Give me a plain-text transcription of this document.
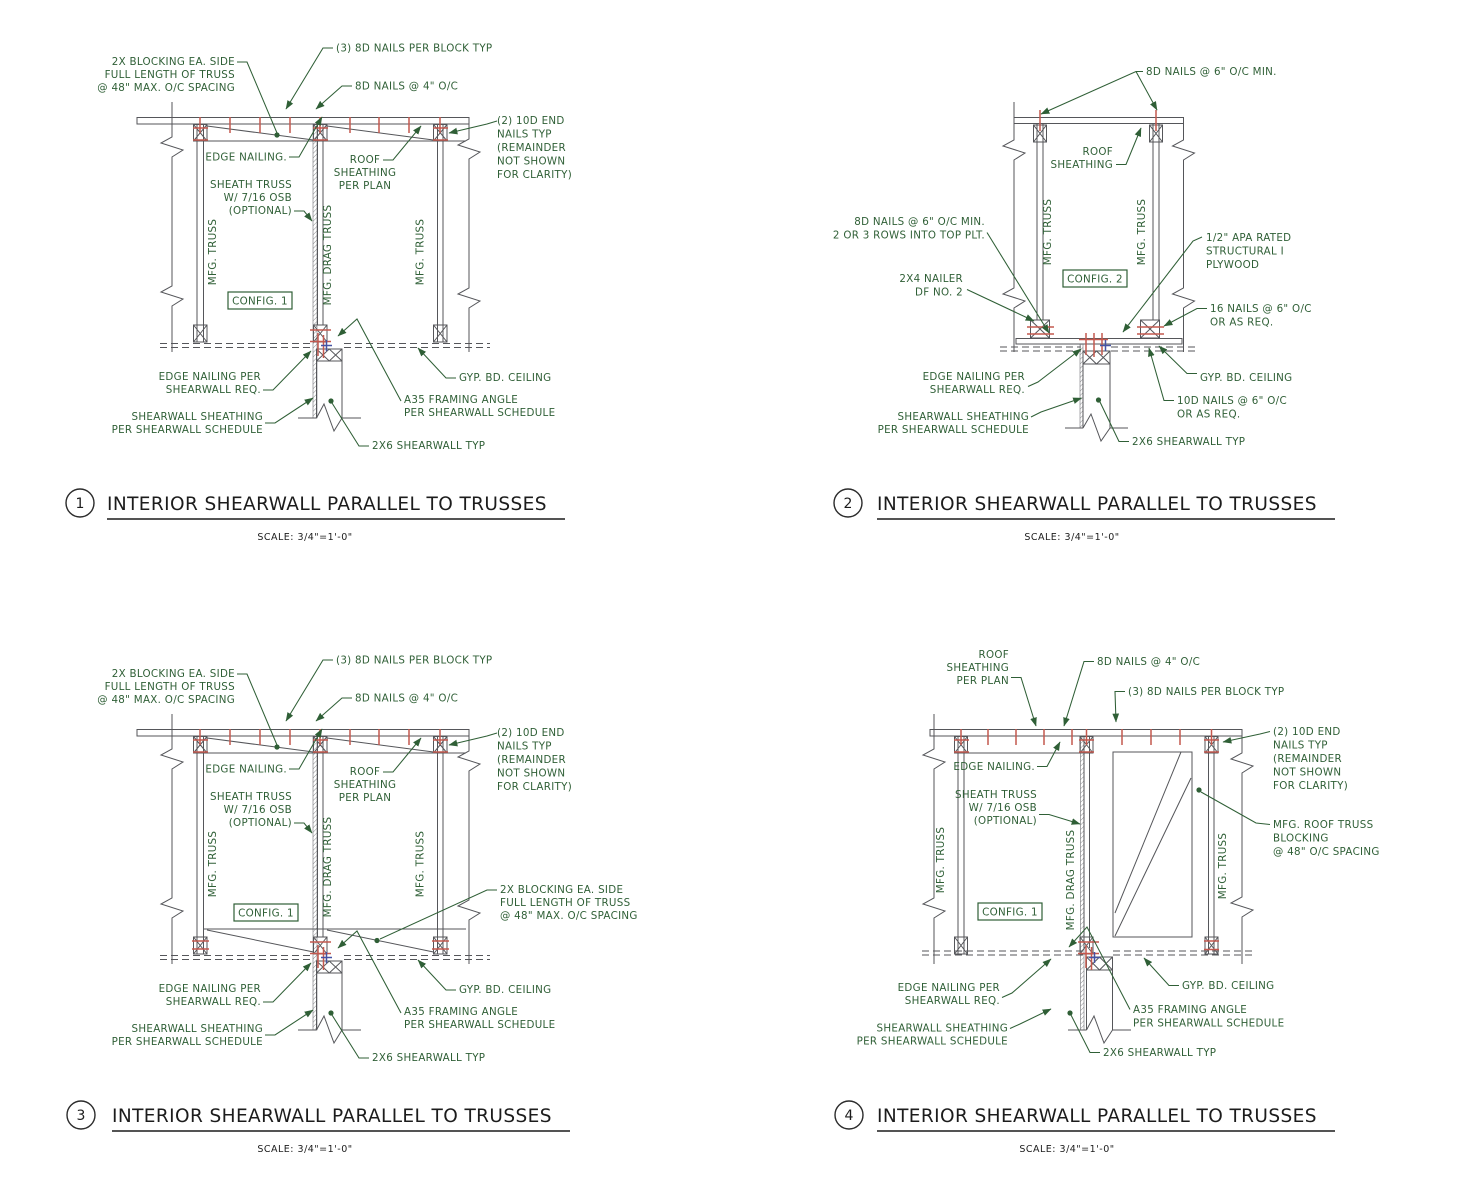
CONFIG. 1
2X BLOCKING EA. SIDE
FULL LENGTH OF TRUSS
@ 48" MAX. O/C SPACING
(3) 8D NAILS PER BLOCK TYP
8D NAILS @ 4" O/C
(2) 10D END
NAILS TYP
(REMAINDER
NOT SHOWN
FOR CLARITY)
EDGE NAILING.
SHEATH TRUSS
W/ 7/16 OSB
(OPTIONAL)
ROOF
SHEATHING
PER PLAN
MFG. TRUSS	MFG. DRAG TRUSS	MFG. TRUSS
EDGE NAILING PER
SHEARWALL REQ.
SHEARWALL SHEATHING
PER SHEARWALL SCHEDULE
GYP. BD. CEILING
A35 FRAMING ANGLE
PER SHEARWALL SCHEDULE
2X6 SHEARWALL TYP
1 INTERIOR SHEARWALL PARALLEL TO TRUSSES
SCALE: 3/4"=1'-0"
CONFIG. 2
8D NAILS @ 6" O/C MIN.
ROOF
SHEATHING
8D NAILS @ 6" O/C MIN.
2 OR 3 ROWS INTO TOP PLT.
2X4 NAILER
DF NO. 2
1/2" APA RATED
STRUCTURAL I
PLYWOOD
16 NAILS @ 6" O/C
OR AS REQ.
MFG. TRUSS	MFG. TRUSS
EDGE NAILING PER
SHEARWALL REQ.
SHEARWALL SHEATHING
PER SHEARWALL SCHEDULE
GYP. BD. CEILING
10D NAILS @ 6" O/C
OR AS REQ.
2X6 SHEARWALL TYP
2 INTERIOR SHEARWALL PARALLEL TO TRUSSES
SCALE: 3/4"=1'-0"
CONFIG. 1
2X BLOCKING EA. SIDE
FULL LENGTH OF TRUSS
@ 48" MAX. O/C SPACING
(3) 8D NAILS PER BLOCK TYP
8D NAILS @ 4" O/C
(2) 10D END
NAILS TYP
(REMAINDER
NOT SHOWN
FOR CLARITY)
EDGE NAILING.
SHEATH TRUSS
W/ 7/16 OSB
(OPTIONAL)
ROOF
SHEATHING
PER PLAN
2X BLOCKING EA. SIDE
FULL LENGTH OF TRUSS
@ 48" MAX. O/C SPACING
MFG. TRUSS	MFG. DRAG TRUSS	MFG. TRUSS
EDGE NAILING PER
SHEARWALL REQ.
SHEARWALL SHEATHING
PER SHEARWALL SCHEDULE
GYP. BD. CEILING
A35 FRAMING ANGLE
PER SHEARWALL SCHEDULE
2X6 SHEARWALL TYP
3 INTERIOR SHEARWALL PARALLEL TO TRUSSES
SCALE: 3/4"=1'-0"
CONFIG. 1
ROOF
SHEATHING
PER PLAN
8D NAILS @ 4" O/C
(3) 8D NAILS PER BLOCK TYP
(2) 10D END
NAILS TYP
(REMAINDER
NOT SHOWN
FOR CLARITY)
EDGE NAILING.
SHEATH TRUSS
W/ 7/16 OSB
(OPTIONAL)	MFG. ROOF TRUSS
BLOCKING
@ 48" O/C SPACING
MFG. TRUSS	MFG. DRAG TRUSS	MFG. TRUSS
EDGE NAILING PER
SHEARWALL REQ.
SHEARWALL SHEATHING
PER SHEARWALL SCHEDULE
GYP. BD. CEILING
A35 FRAMING ANGLE
PER SHEARWALL SCHEDULE
2X6 SHEARWALL TYP
4 INTERIOR SHEARWALL PARALLEL TO TRUSSES
SCALE: 3/4"=1'-0"
